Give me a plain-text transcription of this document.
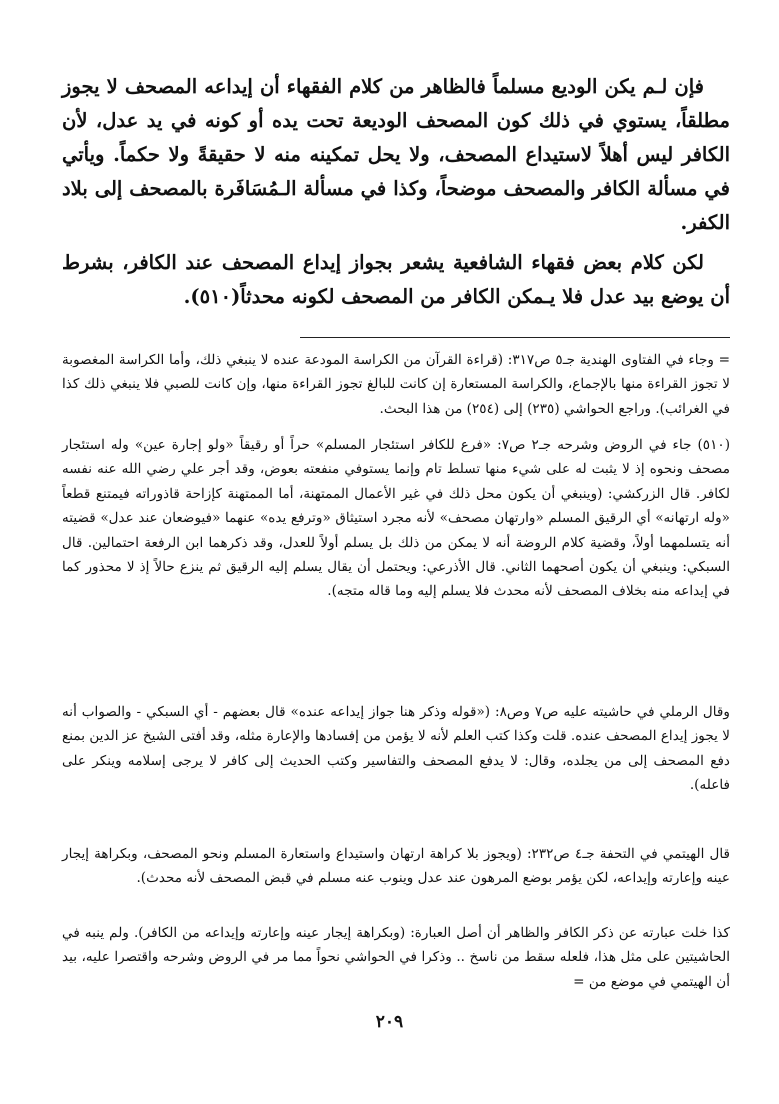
فإن لـم يكن الوديع مسلماً فالظاهر من كلام الفقهاء أن إيداعه المصحف لا يجوز مطلقاً، يستوي في ذلك كون المصحف الوديعة تحت يده أو كونه في يد عدل، لأن الكافر ليس أهلاً لاستيداع المصحف، ولا يحل تمكينه منه لا حقيقةً ولا حكماً. ويأتي في مسألة الكافر والمصحف موضحاً، وكذا في مسألة الـمُسَافَرة بالمصحف إلى بلاد الكفر.

لكن كلام بعض فقهاء الشافعية يشعر بجواز إيداع المصحف عند الكافر، بشرط أن يوضع بيد عدل فلا يـمكن الكافر من المصحف لكونه محدثاً(٥١٠).

= وجاء في الفتاوى الهندية جـ٥ ص٣١٧: (قراءة القرآن من الكراسة المودعة عنده لا ينبغي ذلك، وأما الكراسة المغصوبة لا تجوز القراءة منها بالإجماع، والكراسة المستعارة إن كانت للبالغ تجوز القراءة منها، وإن كانت للصبي فلا ينبغي ذلك كذا في الغرائب). وراجع الحواشي (٢٣٥) إلى (٢٥٤) من هذا البحث.

(٥١٠) جاء في الروض وشرحه جـ٢ ص٧: «فرع للكافر استئجار المسلم» حراً أو رقيقاً «ولو إجارة عين» وله استئجار مصحف ونحوه إذ لا يثبت له على شيء منها تسلط تام وإنما يستوفي منفعته بعوض، وقد أجر علي رضي الله عنه نفسه لكافر. قال الزركشي: (وينبغي أن يكون محل ذلك في غير الأعمال الممتهنة، أما الممتهنة كإزاحة قاذوراته فيمتنع قطعاً «وله ارتهانه» أي الرقيق المسلم «وارتهان مصحف» لأنه مجرد استيثاق «وترفع يده» عنهما «فيوضعان عند عدل» قضيته أنه يتسلمهما أولاً، وقضية كلام الروضة أنه لا يمكن من ذلك بل يسلم أولاً للعدل، وقد ذكرهما ابن الرفعة احتمالين. قال السبكي: وينبغي أن يكون أصحهما الثاني. قال الأذرعي: ويحتمل أن يقال يسلم إليه الرقيق ثم ينزع حالاً إذ لا محذور كما في إيداعه منه بخلاف المصحف لأنه محدث فلا يسلم إليه وما قاله متجه).

وقال الرملي في حاشيته عليه ص٧ وص٨: («قوله وذكر هنا جواز إيداعه عنده» قال بعضهم - أي السبكي - والصواب أنه لا يجوز إيداع المصحف عنده. قلت وكذا كتب العلم لأنه لا يؤمن من إفسادها والإعارة مثله، وقد أفتى الشيخ عز الدين بمنع دفع المصحف إلى من يجلده، وقال: لا يدفع المصحف والتفاسير وكتب الحديث إلى كافر لا يرجى إسلامه وينكر على فاعله).

قال الهيتمي في التحفة جـ٤ ص٢٣٢: (ويجوز بلا كراهة ارتهان واستيداع واستعارة المسلم ونحو المصحف، وبكراهة إيجار عينه وإعارته وإيداعه، لكن يؤمر بوضع المرهون عند عدل وينوب عنه مسلم في قبض المصحف لأنه محدث).

كذا خلت عبارته عن ذكر الكافر والظاهر أن أصل العبارة: (وبكراهة إيجار عينه وإعارته وإيداعه من الكافر). ولم ينبه في الحاشيتين على مثل هذا، فلعله سقط من ناسخ .. وذكرا في الحواشي نحواً مما مر في الروض وشرحه واقتصرا عليه، بيد أن الهيتمي في موضع من =

٢٠٩
